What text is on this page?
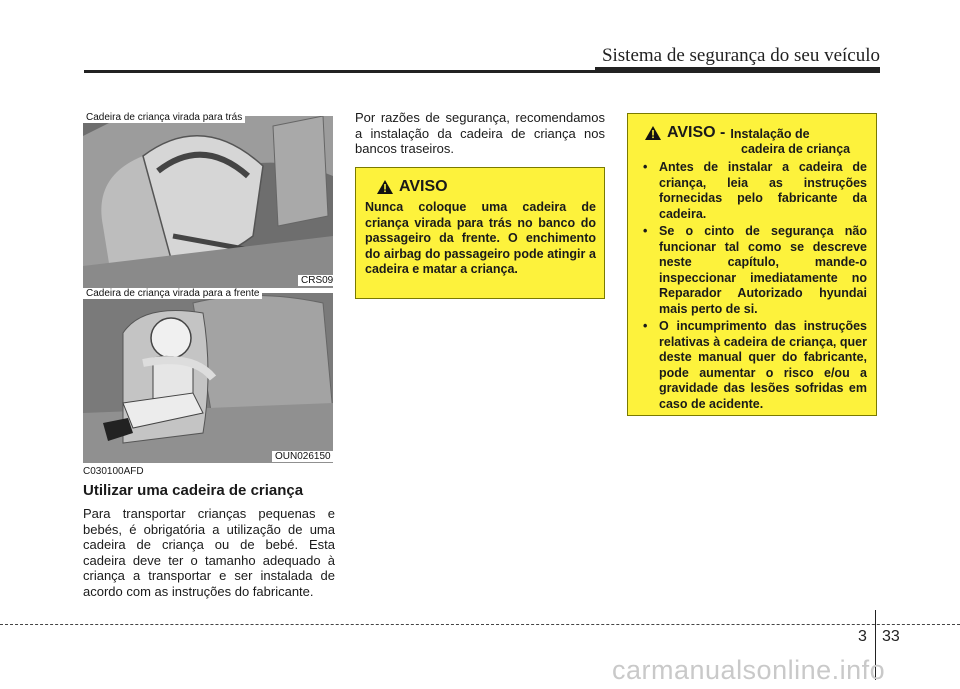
Sistema de segurança do seu veículo
Cadeira de criança virada para trás
CRS09
Cadeira de criança virada para a frente
OUN026150
C030100AFD
Utilizar uma cadeira de criança
Para transportar crianças pequenas e bebés, é obrigatória a utilização de uma cadeira de criança ou de bebé. Esta cadeira deve ter o tamanho adequado à criança a transportar e ser instalada de acordo com as instruções do fabricante.
Por razões de segurança, recomendamos a instalação da cadeira de criança nos bancos traseiros.
AVISO
Nunca coloque uma cadeira de criança virada para trás no banco do passageiro da frente. O enchimento do airbag do passageiro pode atingir a cadeira e matar a criança.
AVISO - Instalação de
cadeira de criança
• Antes de instalar a cadeira de criança, leia as instruções fornecidas pelo fabricante da cadeira.
• Se o cinto de segurança não funcionar tal como se descreve neste capítulo, mande-o inspeccionar imediatamente no Reparador Autorizado hyundai mais perto de si.
• O incumprimento das instruções relativas à cadeira de criança, quer deste manual quer do fabricante, pode aumentar o risco e/ou a gravidade das lesões sofridas em caso de acidente.
3 33
carmanualsonline.info
